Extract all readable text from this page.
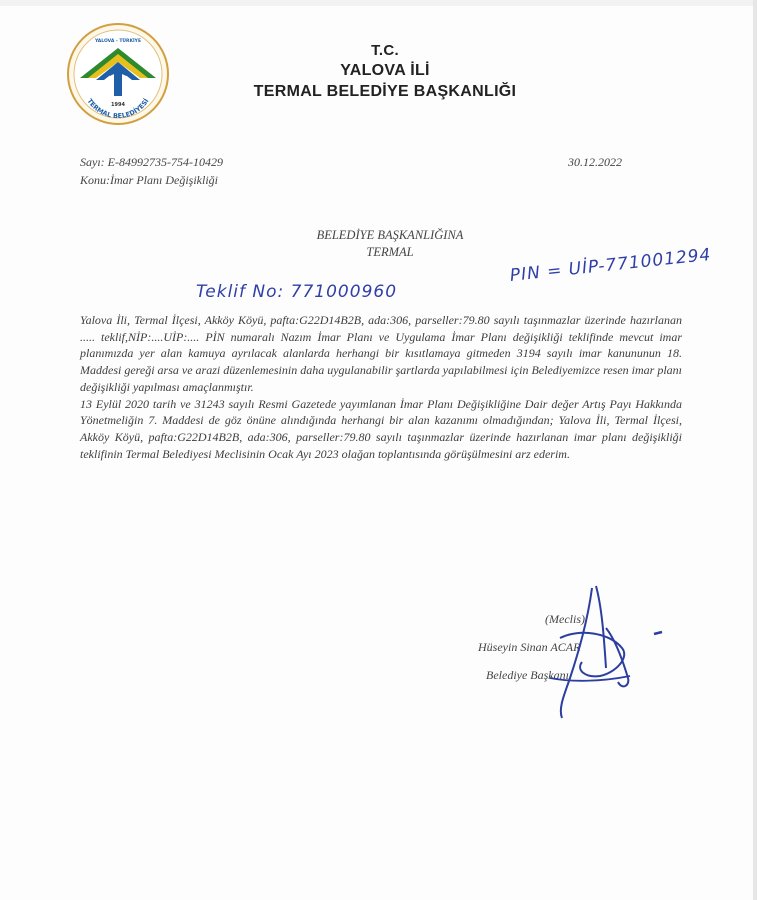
YALOVA - TÜRKİYE
1994
TERMAL BELEDİYESİ
T.C.
YALOVA İLİ
TERMAL BELEDİYE BAŞKANLIĞI
Sayı: E-84992735-754-10429
Konu:İmar Planı Değişikliği
30.12.2022
BELEDİYE BAŞKANLIĞINA
TERMAL
Teklif No: 771000960
PIN = UİP-771001294

Yalova İli, Termal İlçesi, Akköy Köyü, pafta:G22D14B2B, ada:306, parseller:79.80 sayılı taşınmazlar üzerinde hazırlanan ..... teklif,NİP:....UİP:.... PİN numaralı Nazım İmar Planı ve Uygulama İmar Planı değişikliği teklifinde mevcut imar planımızda yer alan kamuya ayrılacak alanlarda herhangi bir kısıtlamaya gitmeden 3194 sayılı imar kanununun 18. Maddesi gereği arsa ve arazi düzenlemesinin daha uygulanabilir şartlarda yapılabilmesi için Belediyemizce resen imar planı değişikliği yapılması amaçlanmıştır.

13 Eylül 2020 tarih ve 31243 sayılı Resmi Gazetede yayımlanan İmar Planı Değişikliğine Dair değer Artış Payı Hakkında Yönetmeliğin 7. Maddesi de göz önüne alındığında herhangi bir alan kazanımı olmadığından; Yalova İli, Termal İlçesi, Akköy Köyü, pafta:G22D14B2B, ada:306, parseller:79.80 sayılı taşınmazlar üzerinde hazırlanan imar planı değişikliği teklifinin Termal Belediyesi Meclisinin Ocak Ayı 2023 olağan toplantısında görüşülmesini arz ederim.

(Meclis)
Hüseyin Sinan ACAR
Belediye Başkanı
